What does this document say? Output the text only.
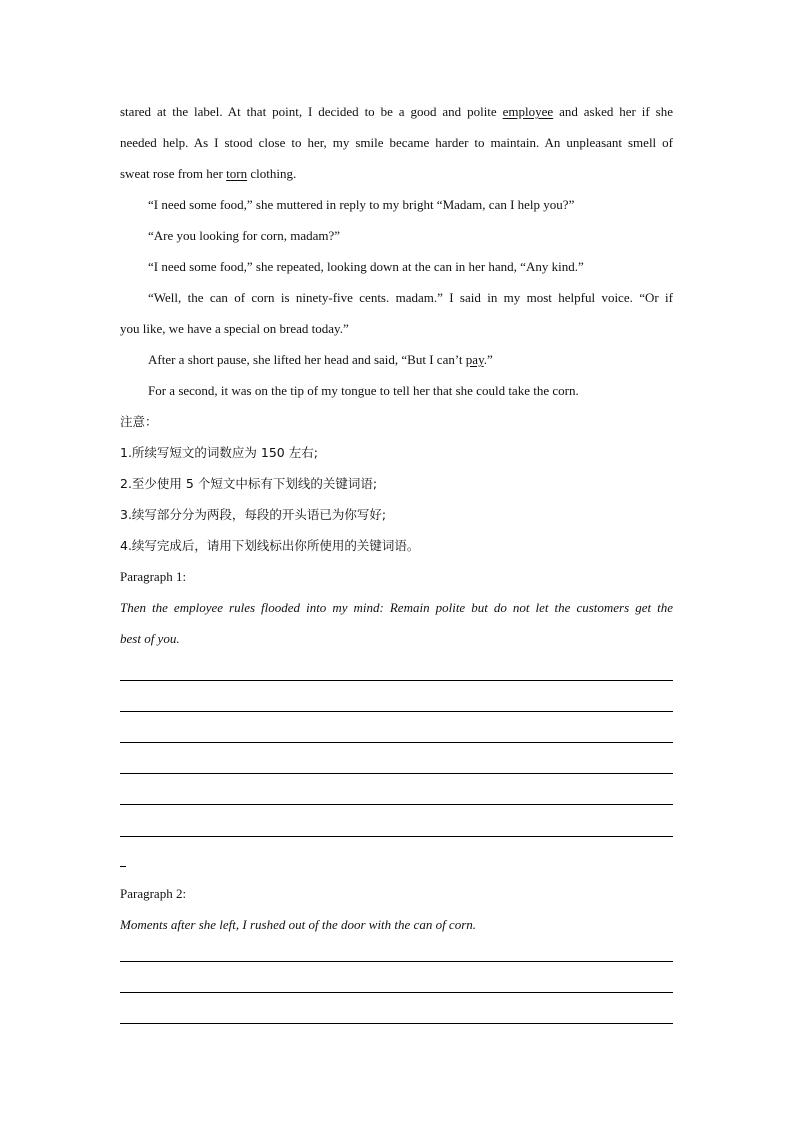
stared at the label. At that point, I decided to be a good and polite employee and asked her if she
needed help. As I stood close to her, my smile became harder to maintain. An unpleasant smell of
sweat rose from her torn clothing.
“I need some food,” she muttered in reply to my bright “Madam, can I help you?”
“Are you looking for corn, madam?”
“I need some food,” she repeated, looking down at the can in her hand, “Any kind.”
“Well, the can of corn is ninety-five cents. madam.” I said in my most helpful voice. “Or if
you like, we have a special on bread today.”
After a short pause, she lifted her head and said, “But I can’t pay.”
For a second, it was on the tip of my tongue to tell her that she could take the corn.
注意：
1.所续写短文的词数应为 150 左右;
2.至少使用 5 个短文中标有下划线的关键词语;
3.续写部分分为两段，每段的开头语已为你写好;
4.续写完成后，请用下划线标出你所使用的关键词语。
Paragraph 1:
Then the employee rules flooded into my mind: Remain polite but do not let the customers get the
best of you.
Paragraph 2:
Moments after she left, I rushed out of the door with the can of corn.
